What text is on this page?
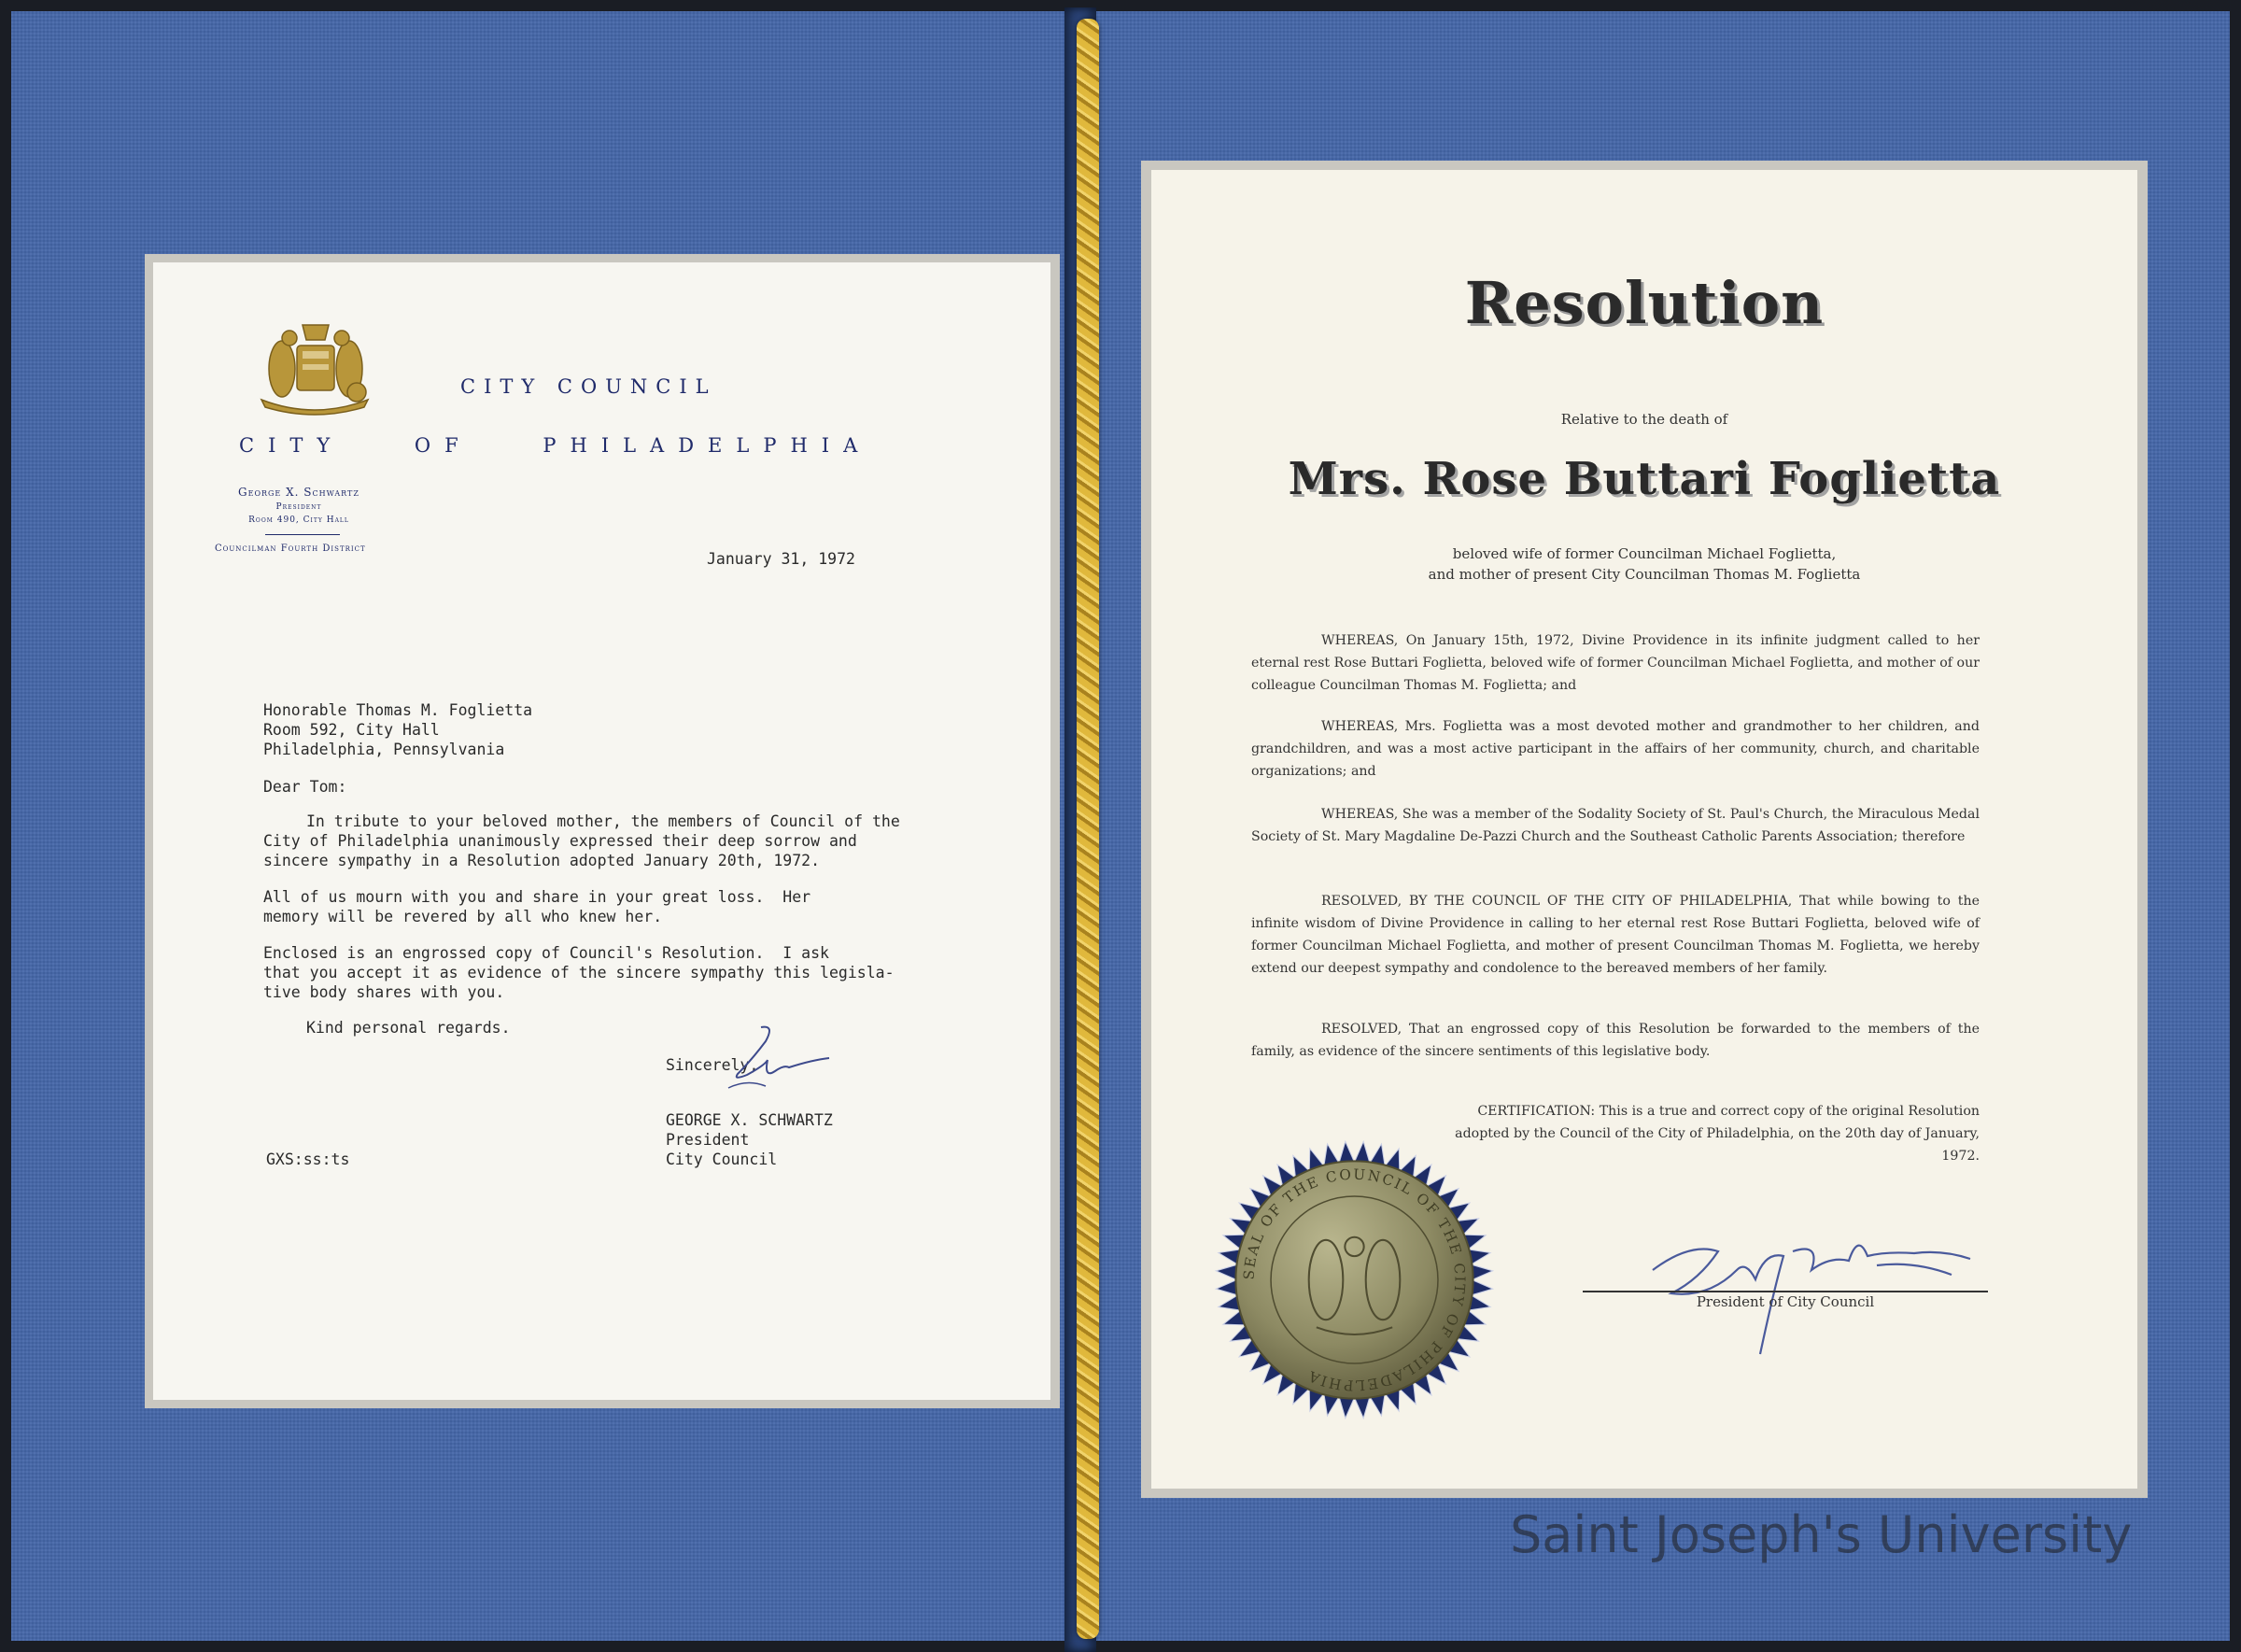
CITY COUNCIL
CITY OF PHILADELPHIA
George X. Schwartz
President
Room 490, City Hall
Councilman Fourth District
January 31, 1972
Honorable Thomas M. Foglietta
Room 592, City Hall
Philadelphia, Pennsylvania
Dear Tom:
In tribute to your beloved mother, the members of Council of the
City of Philadelphia unanimously expressed their deep sorrow and
sincere sympathy in a Resolution adopted January 20th, 1972.
All of us mourn with you and share in your great loss.  Her
memory will be revered by all who knew her.
Enclosed is an engrossed copy of Council's Resolution.  I ask
that you accept it as evidence of the sincere sympathy this legisla-
tive body shares with you.
Kind personal regards.
Sincerely,
GEORGE X. SCHWARTZ
President
City Council
GXS:ss:ts
Resolution
Relative to the death of
Mrs. Rose Buttari Foglietta
beloved wife of former Councilman Michael Foglietta,
and mother of present City Councilman Thomas M. Foglietta
WHEREAS, On January 15th, 1972, Divine Providence in its infinite judgment called to her eternal rest Rose Buttari Foglietta, beloved wife of former Councilman Michael Foglietta, and mother of our colleague Councilman Thomas M. Foglietta; and
WHEREAS, Mrs. Foglietta was a most devoted mother and grandmother to her children, and grandchildren, and was a most active participant in the affairs of her community, church, and charitable organizations; and
WHEREAS, She was a member of the Sodality Society of St. Paul's Church, the Miraculous Medal Society of St. Mary Magdaline De-Pazzi Church and the Southeast Catholic Parents Association; therefore
RESOLVED, BY THE COUNCIL OF THE CITY OF PHILADELPHIA, That while bowing to the infinite wisdom of Divine Providence in calling to her eternal rest Rose Buttari Foglietta, beloved wife of former Councilman Michael Foglietta, and mother of present Councilman Thomas M. Foglietta, we hereby extend our deepest sympathy and condolence to the bereaved members of her family.
RESOLVED, That an engrossed copy of this Resolution be forwarded to the members of the family, as evidence of the sincere sentiments of this legislative body.
CERTIFICATION: This is a true and correct copy of the original Resolution adopted by the Council of the City of Philadelphia, on the 20th day of January, 1972.
SEAL OF THE COUNCIL OF THE CITY OF PHILADELPHIA
President of City Council
Saint Joseph's University
